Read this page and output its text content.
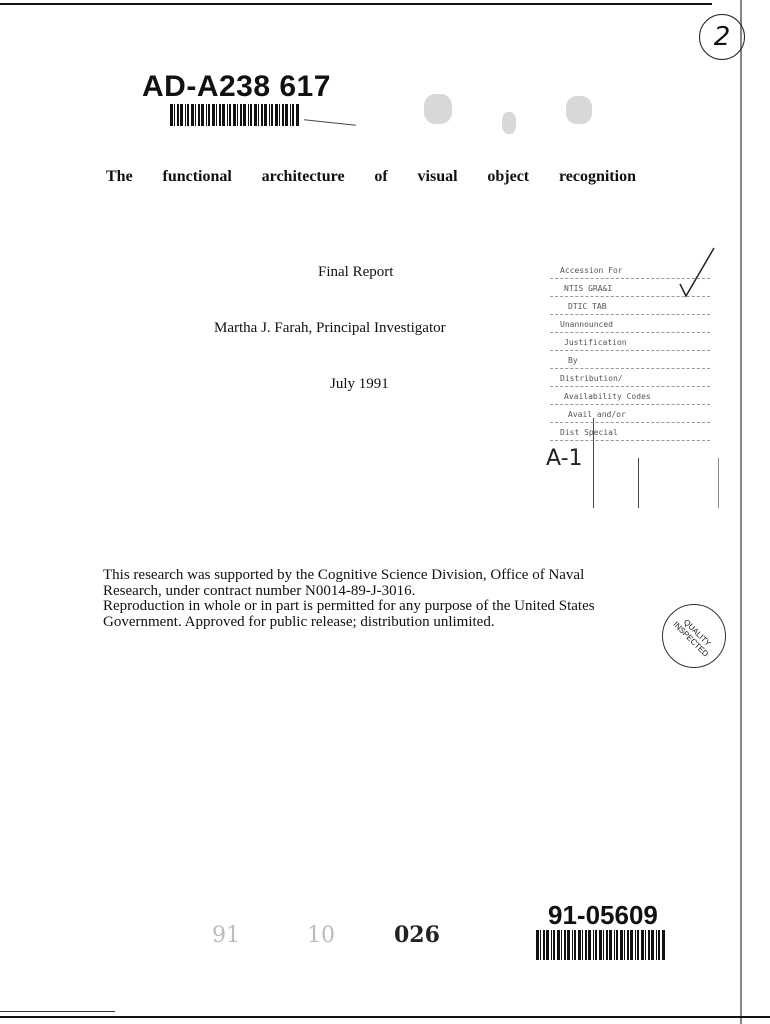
2
AD-A238 617
The functional architecture of visual object recognition
Final Report
Martha J. Farah, Principal Investigator
July 1991
A-1
Accession For
NTIS GRA&I
DTIC TAB
Unannounced
Justification
By
Distribution/
Availability Codes
Avail and/or
Dist Special
This research was supported by the Cognitive Science Division, Office of Naval Research, under contract number N0014-89-J-3016.
Reproduction in whole or in part is permitted for any purpose of the United States Government. Approved for public release; distribution unlimited.	QUALITY INSPECTED
91	10	026
91-05609
